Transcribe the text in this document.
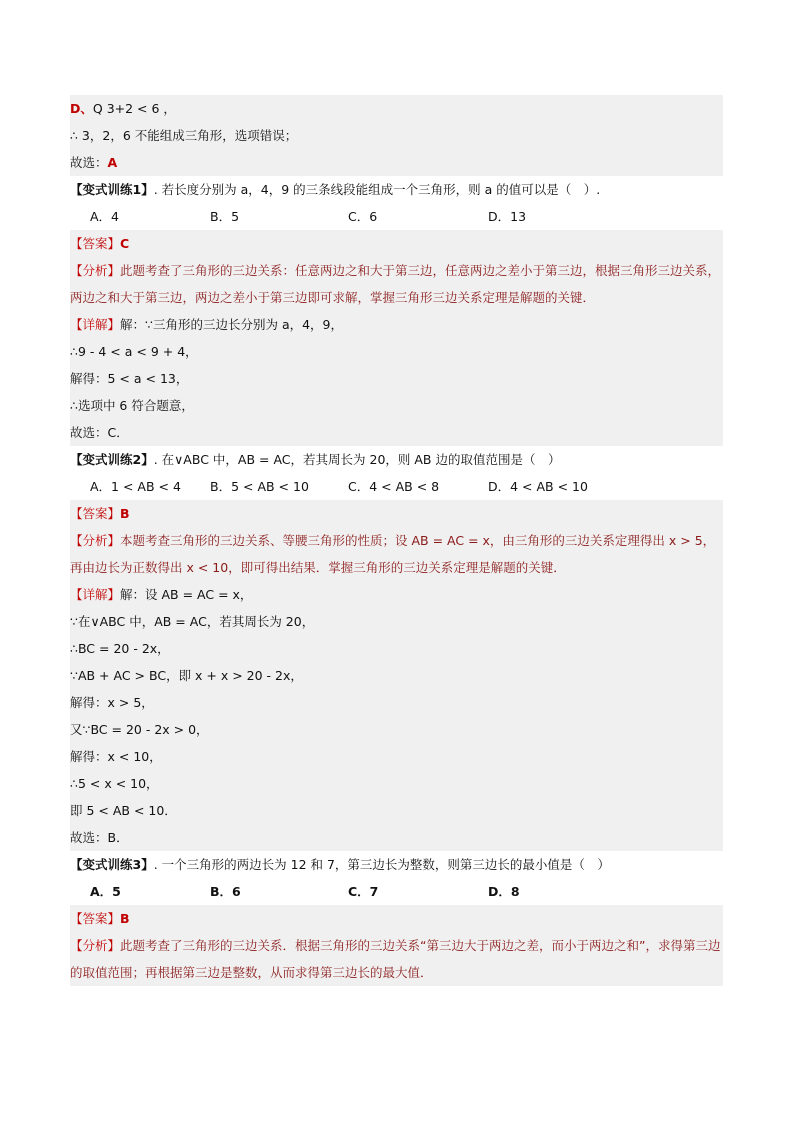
D、Q 3+2 < 6 ，
∴ 3，2，6 不能组成三角形，选项错误；
故选：A
【变式训练1】. 若长度分别为 a，4，9 的三条线段能组成一个三角形，则 a 的值可以是（　）.
A．4	B．5	C．6	D．13
【答案】C
【分析】此题考查了三角形的三边关系：任意两边之和大于第三边，任意两边之差小于第三边，根据三角形三边关系，两边之和大于第三边，两边之差小于第三边即可求解，掌握三角形三边关系定理是解题的关键．
【详解】解：∵三角形的三边长分别为 a，4，9，
∴9 - 4 < a < 9 + 4，
解得：5 < a < 13，
∴选项中 6 符合题意，
故选：C．
【变式训练2】. 在∨ABC 中，AB = AC，若其周长为 20，则 AB 边的取值范围是（　）
A．1 < AB < 4 B．5 < AB < 10	C．4 < AB < 8	D．4 < AB < 10
【答案】B
【分析】本题考查三角形的三边关系、等腰三角形的性质；设 AB = AC = x，由三角形的三边关系定理得出 x > 5，再由边长为正数得出 x < 10，即可得出结果．掌握三角形的三边关系定理是解题的关键．
【详解】解：设 AB = AC = x，
∵在∨ABC 中，AB = AC，若其周长为 20，
∴BC = 20 - 2x，
∵AB + AC > BC，即 x + x > 20 - 2x，
解得：x > 5，
又∵BC = 20 - 2x > 0，
解得：x < 10，
∴5 < x < 10，
即 5 < AB < 10．
故选：B．
【变式训练3】. 一个三角形的两边长为 12 和 7，第三边长为整数，则第三边长的最小值是（　）
A．5	B．6	C．7	D．8
【答案】B
【分析】此题考查了三角形的三边关系．根据三角形的三边关系“第三边大于两边之差，而小于两边之和”，求得第三边的取值范围；再根据第三边是整数，从而求得第三边长的最大值．
